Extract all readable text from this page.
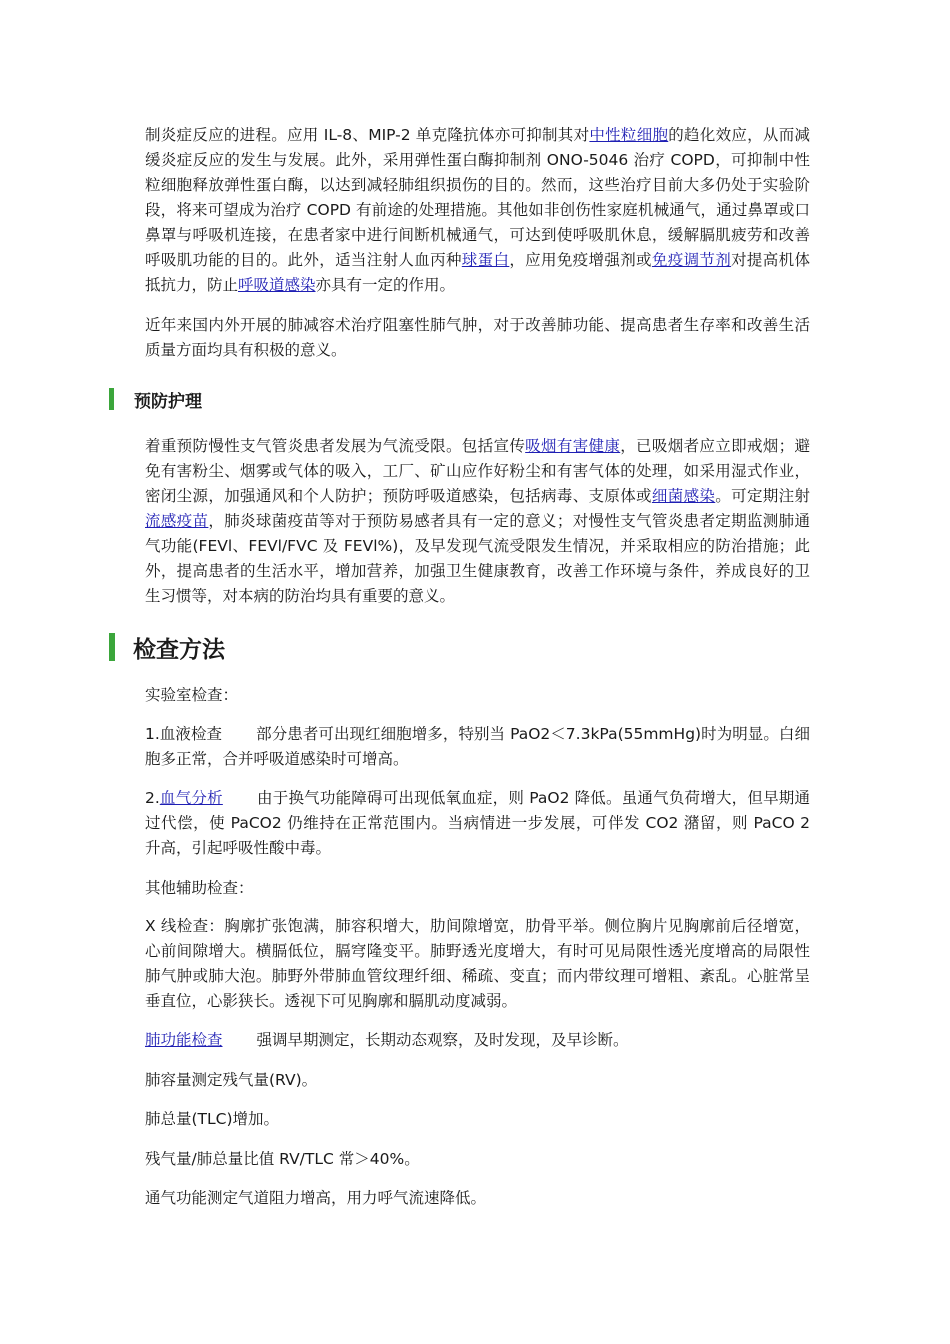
制炎症反应的进程。应用 IL-8、MIP-2 单克隆抗体亦可抑制其对中性粒细胞的趋化效应，从而减缓炎症反应的发生与发展。此外，采用弹性蛋白酶抑制剂 ONO-5046 治疗 COPD，可抑制中性粒细胞释放弹性蛋白酶，以达到减轻肺组织损伤的目的。然而，这些治疗目前大多仍处于实验阶段，将来可望成为治疗 COPD 有前途的处理措施。其他如非创伤性家庭机械通气，通过鼻罩或口鼻罩与呼吸机连接，在患者家中进行间断机械通气，可达到使呼吸肌休息，缓解膈肌疲劳和改善呼吸肌功能的目的。此外，适当注射人血丙种球蛋白，应用免疫增强剂或免疫调节剂对提高机体抵抗力，防止呼吸道感染亦具有一定的作用。

近年来国内外开展的肺减容术治疗阻塞性肺气肿，对于改善肺功能、提高患者生存率和改善生活质量方面均具有积极的意义。

预防护理

着重预防慢性支气管炎患者发展为气流受限。包括宣传吸烟有害健康，已吸烟者应立即戒烟；避免有害粉尘、烟雾或气体的吸入，工厂、矿山应作好粉尘和有害气体的处理，如采用湿式作业，密闭尘源，加强通风和个人防护；预防呼吸道感染，包括病毒、支原体或细菌感染。可定期注射流感疫苗，肺炎球菌疫苗等对于预防易感者具有一定的意义；对慢性支气管炎患者定期监测肺通气功能(FEVl、FEVl/FVC 及 FEVl%)，及早发现气流受限发生情况，并采取相应的防治措施；此外，提高患者的生活水平，增加营养，加强卫生健康教育，改善工作环境与条件，养成良好的卫生习惯等，对本病的防治均具有重要的意义。

检查方法

实验室检查：

1.血液检查 部分患者可出现红细胞增多，特别当 PaO2＜7.3kPa(55mmHg)时为明显。白细胞多正常，合并呼吸道感染时可增高。

2.血气分析 由于换气功能障碍可出现低氧血症，则 PaO2 降低。虽通气负荷增大，但早期通过代偿，使 PaCO2 仍维持在正常范围内。当病情进一步发展，可伴发 CO2 潴留，则 PaCO 2 升高，引起呼吸性酸中毒。

其他辅助检查：

X 线检查：胸廓扩张饱满，肺容积增大，肋间隙增宽，肋骨平举。侧位胸片见胸廓前后径增宽，心前间隙增大。横膈低位，膈穹隆变平。肺野透光度增大，有时可见局限性透光度增高的局限性肺气肿或肺大泡。肺野外带肺血管纹理纤细、稀疏、变直；而内带纹理可增粗、紊乱。心脏常呈垂直位，心影狭长。透视下可见胸廓和膈肌动度减弱。

肺功能检查 强调早期测定，长期动态观察，及时发现，及早诊断。

肺容量测定残气量(RV)。

肺总量(TLC)增加。

残气量/肺总量比值 RV/TLC 常＞40%。

通气功能测定气道阻力增高，用力呼气流速降低。
